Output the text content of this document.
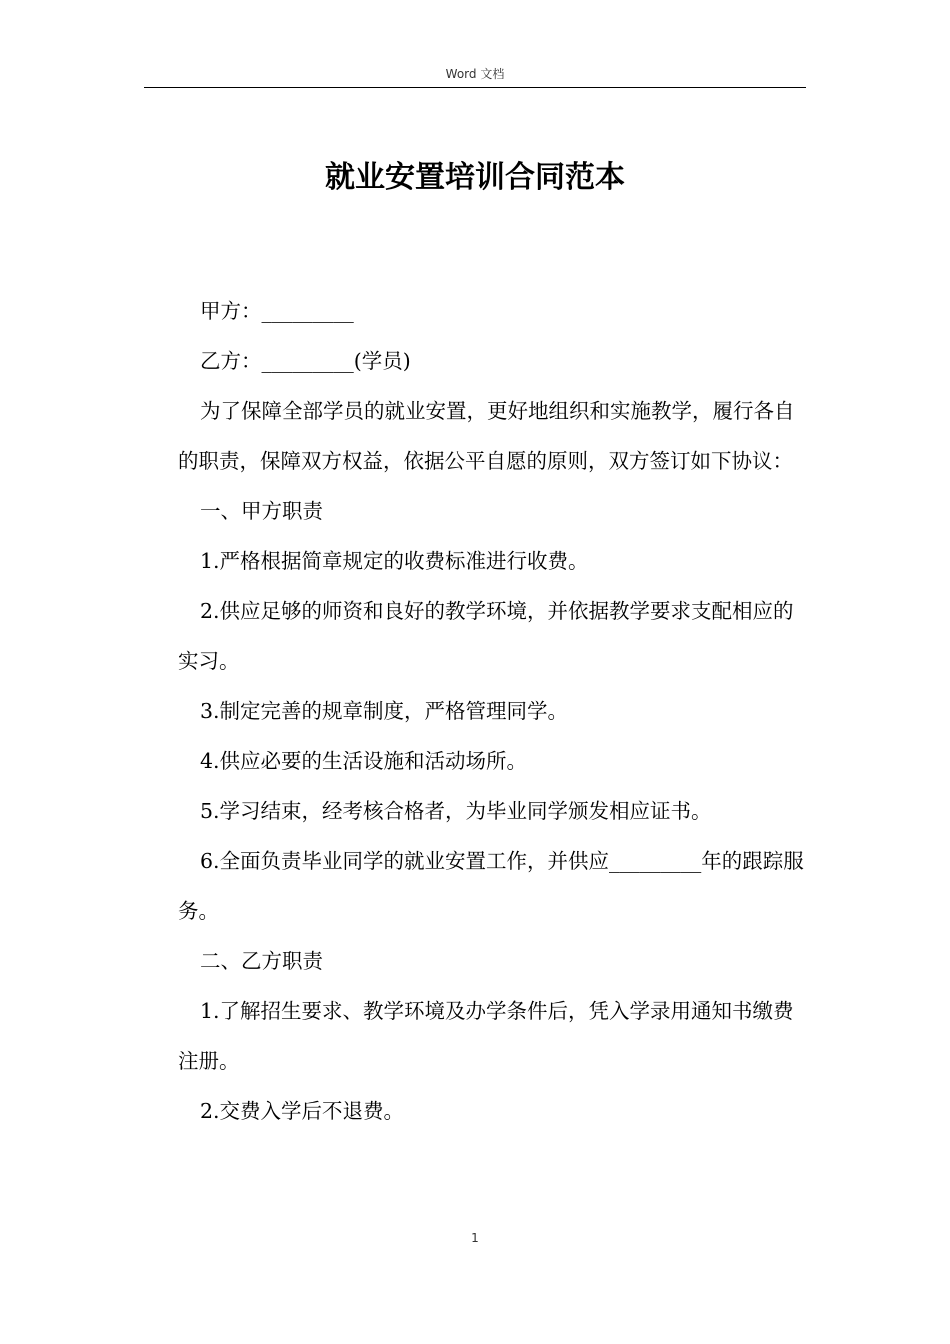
Word 文档
就业安置培训合同范本

甲方：_________

乙方：_________(学员)

为了保障全部学员的就业安置，更好地组织和实施教学，履行各自的职责，保障双方权益，依据公平自愿的原则，双方签订如下协议：

一、甲方职责

1.严格根据简章规定的收费标准进行收费。

2.供应足够的师资和良好的教学环境，并依据教学要求支配相应的实习。

3.制定完善的规章制度，严格管理同学。

4.供应必要的生活设施和活动场所。

5.学习结束，经考核合格者，为毕业同学颁发相应证书。

6.全面负责毕业同学的就业安置工作，并供应_________年的跟踪服务。

二、乙方职责

1.了解招生要求、教学环境及办学条件后，凭入学录用通知书缴费注册。

2.交费入学后不退费。

1
